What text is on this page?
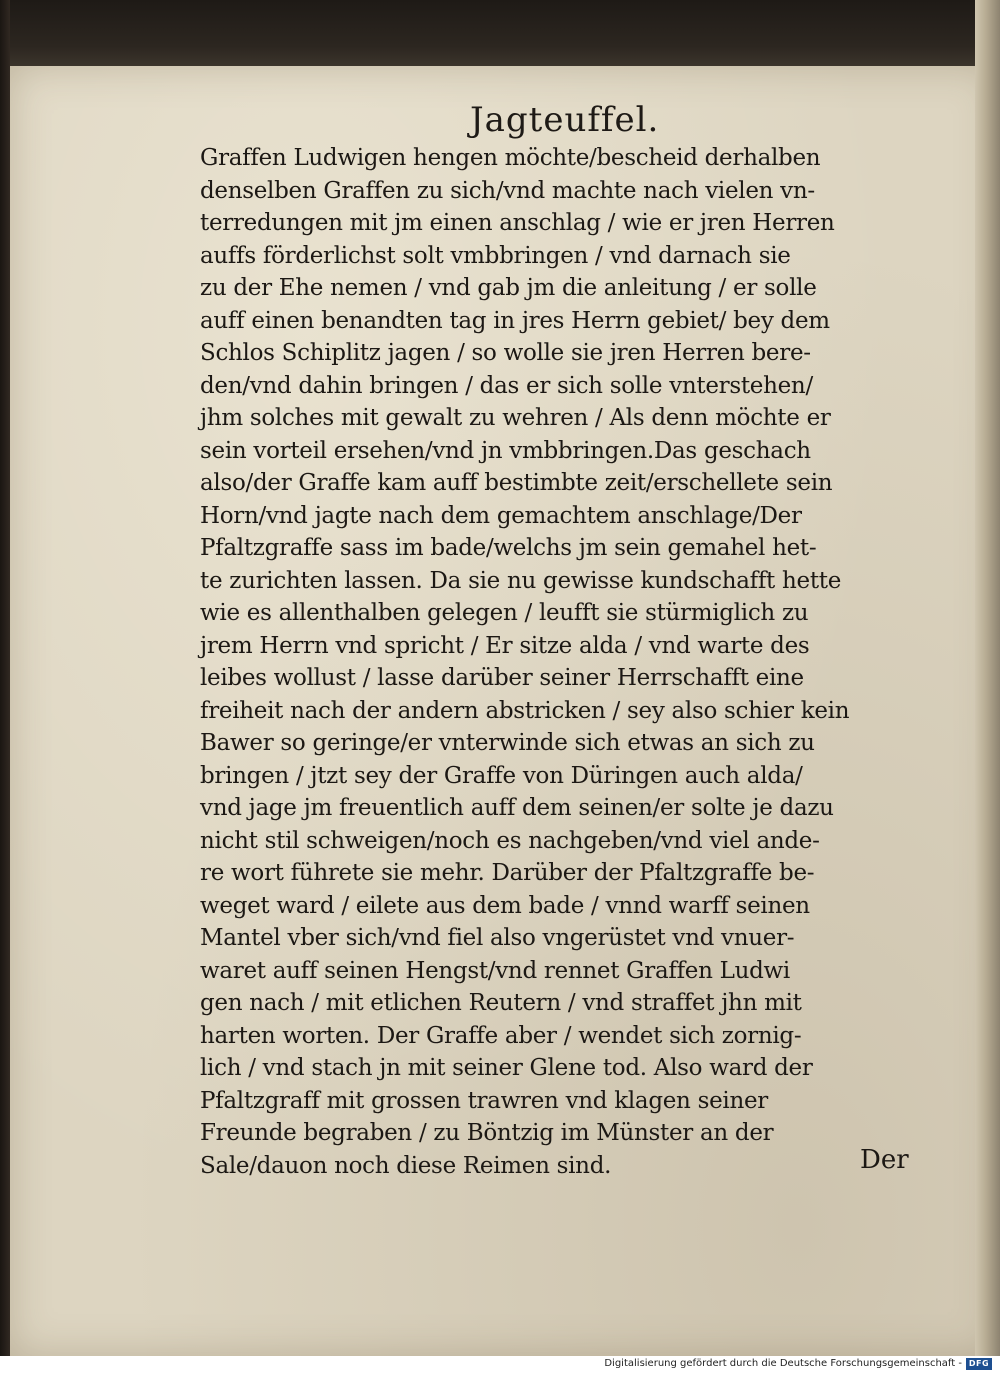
Jagteuffel.
Graffen Ludwigen hengen möchte/bescheid derhalben
denselben Graffen zu sich/vnd machte nach vielen vn-
terredungen mit jm einen anschlag / wie er jren Herren
auffs förderlichst solt vmbbringen / vnd darnach sie
zu der Ehe nemen / vnd gab jm die anleitung / er solle
auff einen benandten tag in jres Herrn gebiet/ bey dem
Schlos Schiplitz jagen / so wolle sie jren Herren bere-
den/vnd dahin bringen / das er sich solle vnterstehen/
jhm solches mit gewalt zu wehren / Als denn möchte er
sein vorteil ersehen/vnd jn vmbbringen.Das geschach
also/der Graffe kam auff bestimbte zeit/erschellete sein
Horn/vnd jagte nach dem gemachtem anschlage/Der
Pfaltzgraffe sass im bade/welchs jm sein gemahel het-
te zurichten lassen. Da sie nu gewisse kundschafft hette
wie es allenthalben gelegen / leufft sie stürmiglich zu
jrem Herrn vnd spricht / Er sitze alda / vnd warte des
leibes wollust / lasse darüber seiner Herrschafft eine
freiheit nach der andern abstricken / sey also schier kein
Bawer so geringe/er vnterwinde sich etwas an sich zu
bringen / jtzt sey der Graffe von Düringen auch alda/
vnd jage jm freuentlich auff dem seinen/er solte je dazu
nicht stil schweigen/noch es nachgeben/vnd viel ande-
re wort führete sie mehr. Darüber der Pfaltzgraffe be-
weget ward / eilete aus dem bade / vnnd warff seinen
Mantel vber sich/vnd fiel also vngerüstet vnd vnuer-
waret auff seinen Hengst/vnd rennet Graffen Ludwi
gen nach / mit etlichen Reutern / vnd straffet jhn mit
harten worten. Der Graffe aber / wendet sich zornig-
lich / vnd stach jn mit seiner Glene tod. Also ward der
Pfaltzgraff mit grossen trawren vnd klagen seiner
Freunde begraben / zu Böntzig im Münster an der
Sale/dauon noch diese Reimen sind.	Der
Digitalisierung gefördert durch die Deutsche Forschungsgemeinschaft - DFG
